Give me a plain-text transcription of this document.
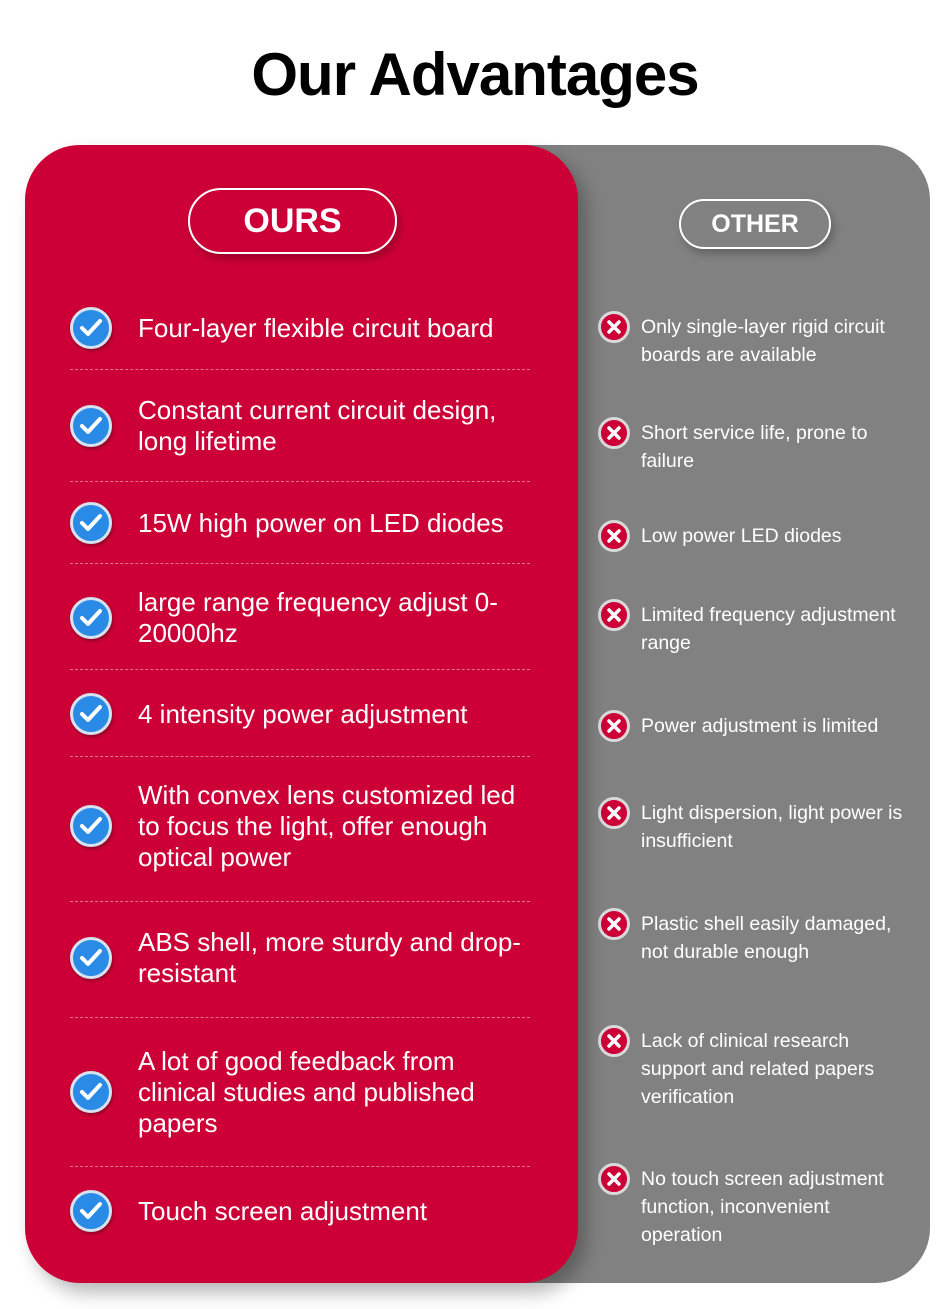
Our Advantages
OTHER
Only single-layer rigid circuit boards are available
Short service life, prone to failure
Low power LED diodes
Limited frequency adjustment range
Power adjustment is limited
Light dispersion, light power is insufficient
Plastic shell easily damaged, not durable enough
Lack of clinical research support and related papers verification
No touch screen adjustment function, inconvenient operation
OURS
Four-layer flexible circuit board
Constant current circuit design, long lifetime
15W high power on LED diodes
large range frequency adjust 0-20000hz
4 intensity power adjustment
With convex lens customized led to focus the light, offer enough optical power
ABS shell, more sturdy and drop-resistant
A lot of good feedback from clinical studies and published papers
Touch screen adjustment
